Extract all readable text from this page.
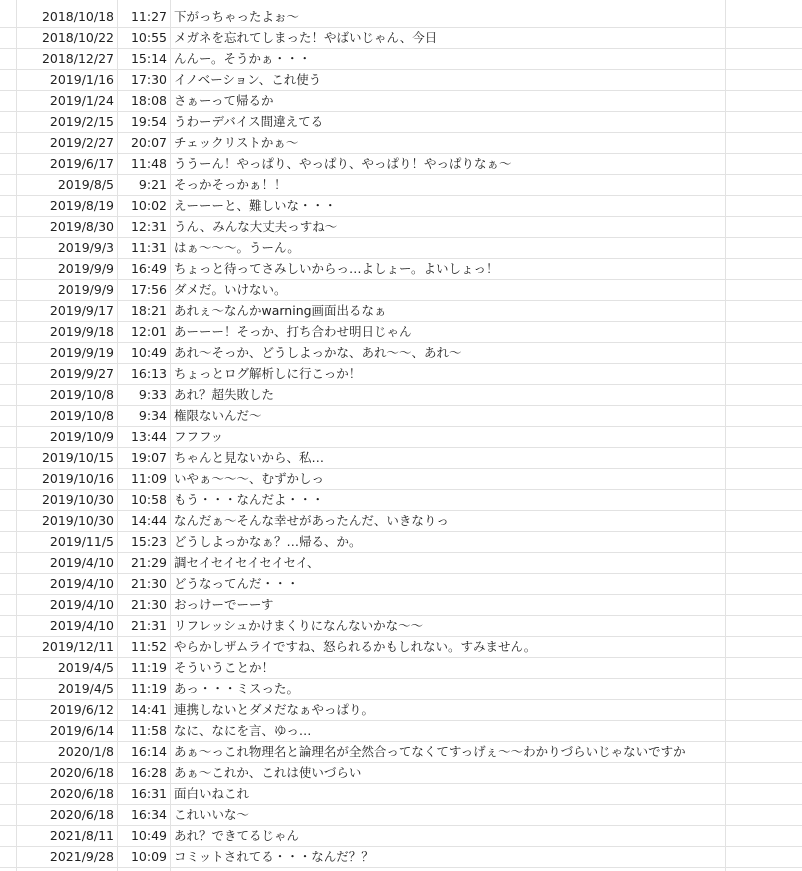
2018/10/18	11:27 下がっちゃったよぉ〜
2018/10/22	10:55 メガネを忘れてしまった！やばいじゃん、今日
2018/12/27	15:14 んんー。そうかぁ・・・
2019/1/16	17:30 イノベーション、これ使う
2019/1/24	18:08 さぁーって帰るか
2019/2/15	19:54 うわーデバイス間違えてる
2019/2/27	20:07 チェックリストかぁ〜
2019/6/17	11:48 ううーん！やっぱり、やっぱり、やっぱり！やっぱりなぁ〜
2019/8/5	9:21 そっかそっかぁ！！
2019/8/19	10:02 えーーーと、難しいな・・・
2019/8/30	12:31 うん、みんな大丈夫っすね〜
2019/9/3	11:31 はぁ〜〜〜。うーん。
2019/9/9	16:49 ちょっと待ってさみしいからっ…よしょー。よいしょっ！
2019/9/9	17:56 ダメだ。いけない。
2019/9/17	18:21 あれぇ〜なんかwarning画面出るなぁ
2019/9/18	12:01 あーーー！そっか、打ち合わせ明日じゃん
2019/9/19	10:49 あれ〜そっか、どうしよっかな、あれ〜〜、あれ〜
2019/9/27	16:13 ちょっとログ解析しに行こっか！
2019/10/8	9:33 あれ？超失敗した
2019/10/8	9:34 権限ないんだ〜
2019/10/9	13:44 フフフッ
2019/10/15	19:07 ちゃんと見ないから、私…
2019/10/16	11:09 いやぁ〜〜〜、むずかしっ
2019/10/30	10:58 もう・・・なんだよ・・・
2019/10/30	14:44 なんだぁ〜そんな幸せがあったんだ、いきなりっ
2019/11/5	15:23 どうしよっかなぁ？…帰る、か。
2019/4/10	21:29 調セイセイセイセイセイ、
2019/4/10	21:30 どうなってんだ・・・
2019/4/10	21:30 おっけーでーーす
2019/4/10	21:31 リフレッシュかけまくりになんないかな〜〜
2019/12/11	11:52 やらかしザムライですね、怒られるかもしれない。すみません。
2019/4/5	11:19 そういうことか！
2019/4/5	11:19 あっ・・・ミスった。
2019/6/12	14:41 連携しないとダメだなぁやっぱり。
2019/6/14	11:58 なに、なにを言、ゆっ…
2020/1/8	16:14 あぁ〜っこれ物理名と論理名が全然合ってなくてすっげぇ〜〜わかりづらいじゃないですか
2020/6/18	16:28 あぁ〜これか、これは使いづらい
2020/6/18	16:31 面白いねこれ
2020/6/18	16:34 これいいな〜
2021/8/11	10:49 あれ？できてるじゃん
2021/9/28	10:09 コミットされてる・・・なんだ？？
